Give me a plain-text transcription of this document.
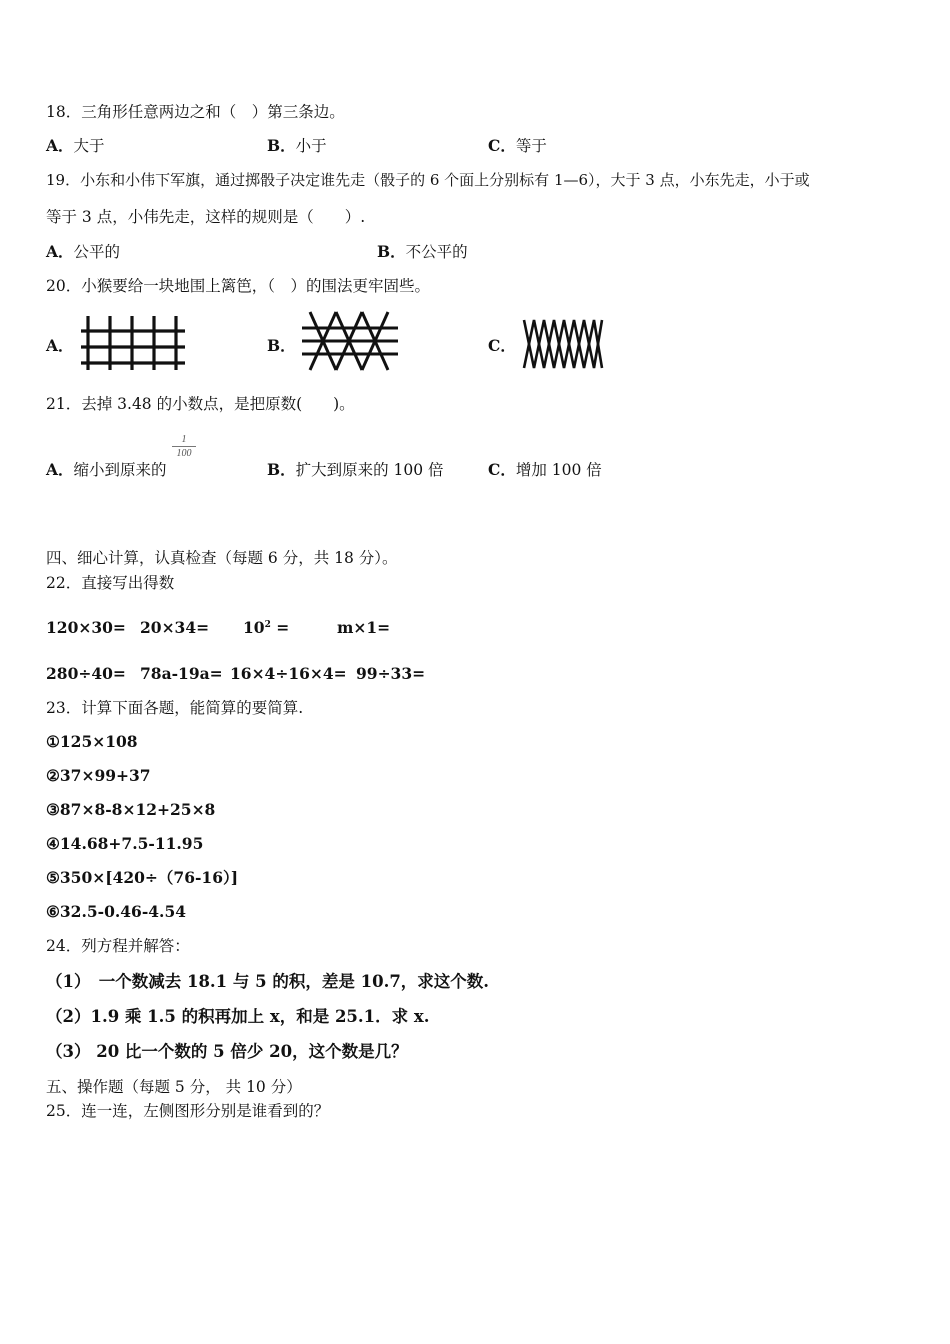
18．三角形任意两边之和（　）第三条边。
A．大于	B．小于	C．等于
19．小东和小伟下军旗，通过掷骰子决定谁先走（骰子的 6 个面上分别标有 1—6），大于 3 点，小东先走，小于或
等于 3 点，小伟先走，这样的规则是（　　）.
A．公平的	B．不公平的
20．小猴要给一块地围上篱笆，（　）的围法更牢固些。
A．	B．	C．
21．去掉 3.48 的小数点，是把原数(　　)。
1
100
A．缩小到原来的	B．扩大到原来的 100 倍	C．增加 100 倍
四、细心计算，认真检查（每题 6 分，共 18 分）。
22．直接写出得数
$120\times 30= 20\times 34= 10^2$ =	m×1=
280÷40= 78a-19a= 16×4÷16×4= 99÷33=
23．计算下面各题，能简算的要简算.
①125×108
②37×99+37
③87×8-8×12+25×8
④14.68+7.5-11.95
⑤350×[420÷（76-16）]
⑥32.5-0.46-4.54
24．列方程并解答：
（1）　一个数减去 18.1 与 5 的积，差是 10.7，求这个数.
（2）1.9 乘 1.5 的积再加上 x，和是 25.1．求 x.
（3） 20 比一个数的 5 倍少 20，这个数是几？
五、操作题（每题 5 分， 共 10 分）
25．连一连，左侧图形分别是谁看到的？
